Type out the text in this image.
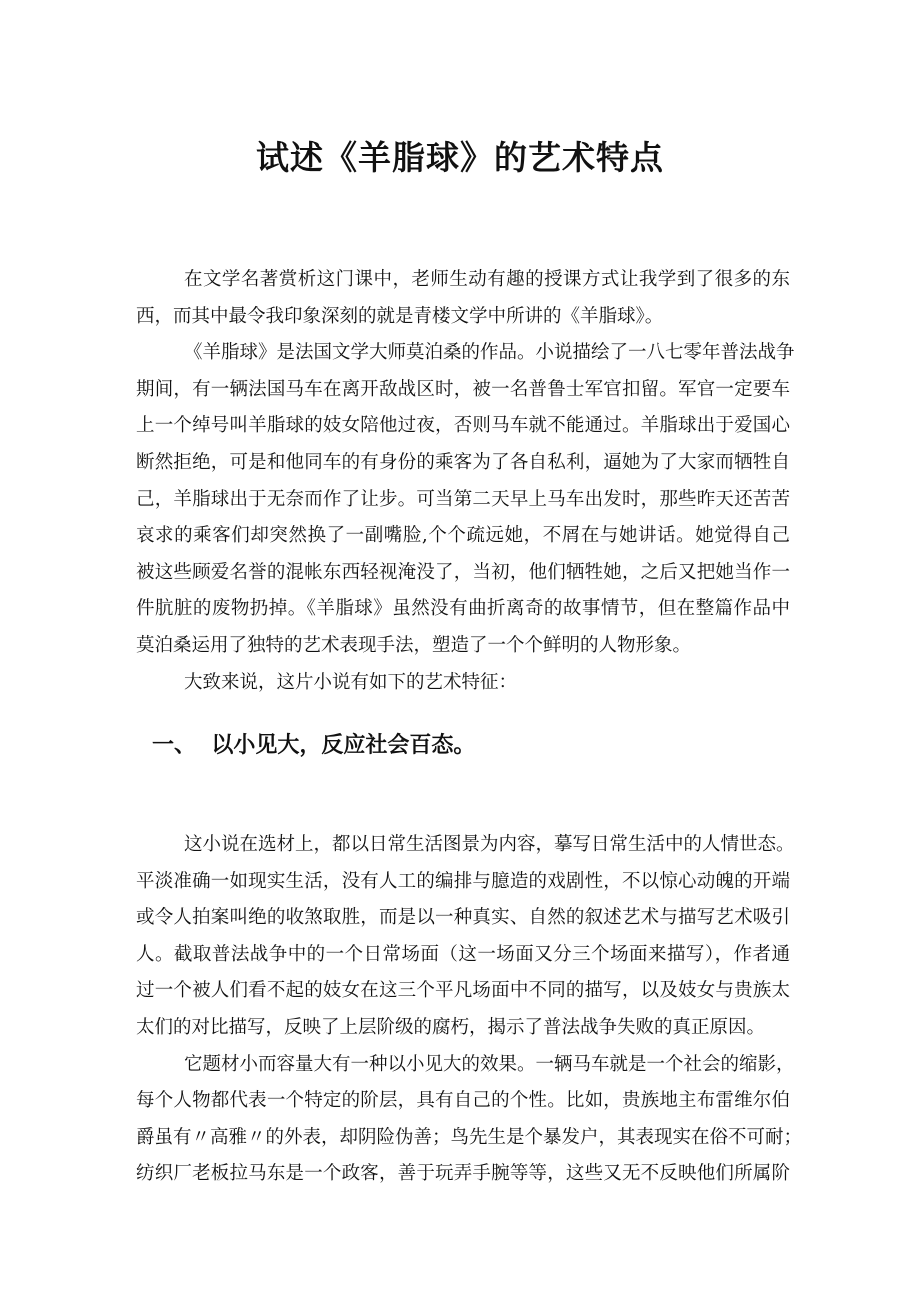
试述《羊脂球》的艺术特点
在文学名著赏析这门课中，老师生动有趣的授课方式让我学到了很多的东
西，而其中最令我印象深刻的就是青楼文学中所讲的《羊脂球》。
《羊脂球》是法国文学大师莫泊桑的作品。小说描绘了一八七零年普法战争
期间，有一辆法国马车在离开敌战区时，被一名普鲁士军官扣留。军官一定要车
上一个绰号叫羊脂球的妓女陪他过夜，否则马车就不能通过。羊脂球出于爱国心
断然拒绝，可是和他同车的有身份的乘客为了各自私利，逼她为了大家而牺牲自
己，羊脂球出于无奈而作了让步。可当第二天早上马车出发时，那些昨天还苦苦
哀求的乘客们却突然换了一副嘴脸,个个疏远她，不屑在与她讲话。她觉得自己
被这些顾爱名誉的混帐东西轻视淹没了，当初，他们牺牲她，之后又把她当作一
件肮脏的废物扔掉。《羊脂球》虽然没有曲折离奇的故事情节，但在整篇作品中
莫泊桑运用了独特的艺术表现手法，塑造了一个个鲜明的人物形象。
大致来说，这片小说有如下的艺术特征：
一、  以小见大，反应社会百态。
这小说在选材上，都以日常生活图景为内容，摹写日常生活中的人情世态。
平淡准确一如现实生活，没有人工的编排与臆造的戏剧性，不以惊心动魄的开端
或令人拍案叫绝的收煞取胜，而是以一种真实、自然的叙述艺术与描写艺术吸引
人。截取普法战争中的一个日常场面（这一场面又分三个场面来描写），作者通
过一个被人们看不起的妓女在这三个平凡场面中不同的描写，以及妓女与贵族太
太们的对比描写，反映了上层阶级的腐朽，揭示了普法战争失败的真正原因。
它题材小而容量大有一种以小见大的效果。一辆马车就是一个社会的缩影，
每个人物都代表一个特定的阶层，具有自己的个性。比如，贵族地主布雷维尔伯
爵虽有〃高雅〃的外表，却阴险伪善；鸟先生是个暴发户，其表现实在俗不可耐；
纺织厂老板拉马东是一个政客，善于玩弄手腕等等，这些又无不反映他们所属阶
